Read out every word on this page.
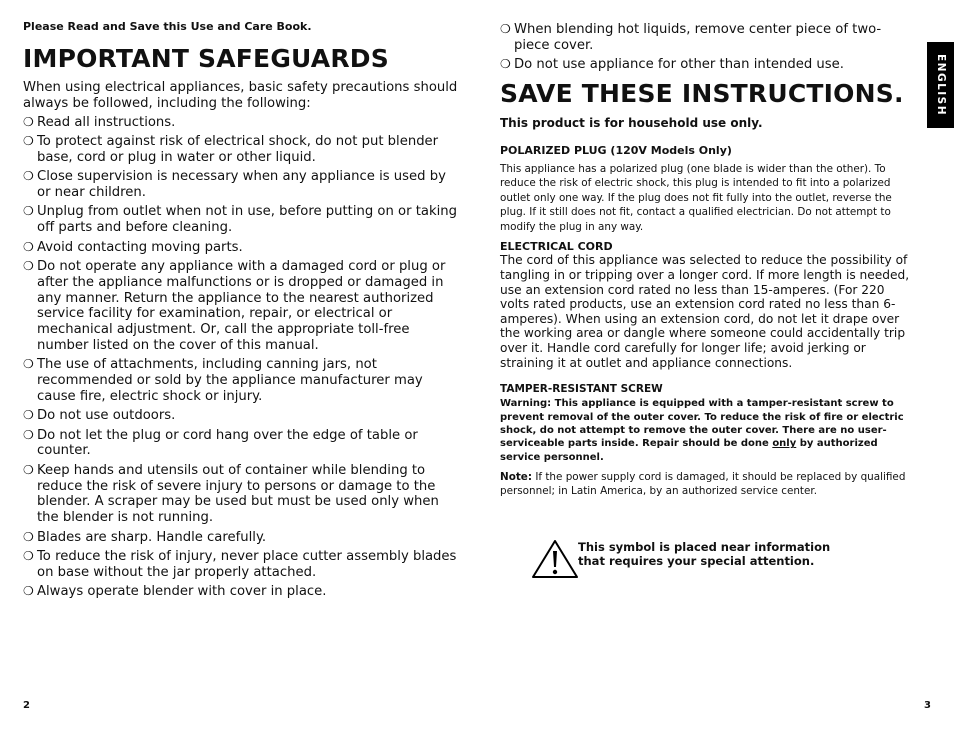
Please Read and Save this Use and Care Book.

IMPORTANT SAFEGUARDS

When using electrical appliances, basic safety precautions should always be followed, including the following:

❍ Read all instructions.
❍ To protect against risk of electrical shock, do not put blender base, cord or plug in water or other liquid.
❍ Close supervision is necessary when any appliance is used by or near children.
❍ Unplug from outlet when not in use, before putting on or taking off parts and before cleaning.
❍ Avoid contacting moving parts.
❍ Do not operate any appliance with a damaged cord or plug or after the appliance malfunctions or is dropped or damaged in any manner. Return the appliance to the nearest authorized service facility for examination, repair, or electrical or mechanical adjustment. Or, call the appropriate toll-free number listed on the cover of this manual.
❍ The use of attachments, including canning jars, not recommended or sold by the appliance manufacturer may cause fire, electric shock or injury.
❍ Do not use outdoors.
❍ Do not let the plug or cord hang over the edge of table or counter.
❍ Keep hands and utensils out of container while blending to reduce the risk of severe injury to persons or damage to the blender. A scraper may be used but must be used only when the blender is not running.
❍ Blades are sharp. Handle carefully.
❍ To reduce the risk of injury, never place cutter assembly blades on base without the jar properly attached.
❍ Always operate blender with cover in place.
2
❍ When blending hot liquids, remove center piece of two-piece cover.
❍ Do not use appliance for other than intended use.
SAVE THESE INSTRUCTIONS.

This product is for household use only.

POLARIZED PLUG (120V Models Only)

This appliance has a polarized plug (one blade is wider than the other). To reduce the risk of electric shock, this plug is intended to fit into a polarized outlet only one way. If the plug does not fit fully into the outlet, reverse the plug. If it still does not fit, contact a qualified electrician. Do not attempt to modify the plug in any way.

ELECTRICAL CORD

The cord of this appliance was selected to reduce the possibility of tangling in or tripping over a longer cord. If more length is needed, use an extension cord rated no less than 15-amperes. (For 220 volts rated products, use an extension cord rated no less than 6-amperes). When using an extension cord, do not let it drape over the working area or dangle where someone could accidentally trip over it. Handle cord carefully for longer life; avoid jerking or straining it at outlet and appliance connections.

TAMPER-RESISTANT SCREW

Warning: This appliance is equipped with a tamper-resistant screw to prevent removal of the outer cover. To reduce the risk of fire or electric shock, do not attempt to remove the outer cover. There are no user-serviceable parts inside. Repair should be done only by authorized service personnel.

Note: If the power supply cord is damaged, it should be replaced by qualified personnel; in Latin America, by an authorized service center.

This symbol is placed near information that requires your special attention.

ENGLISH
3
